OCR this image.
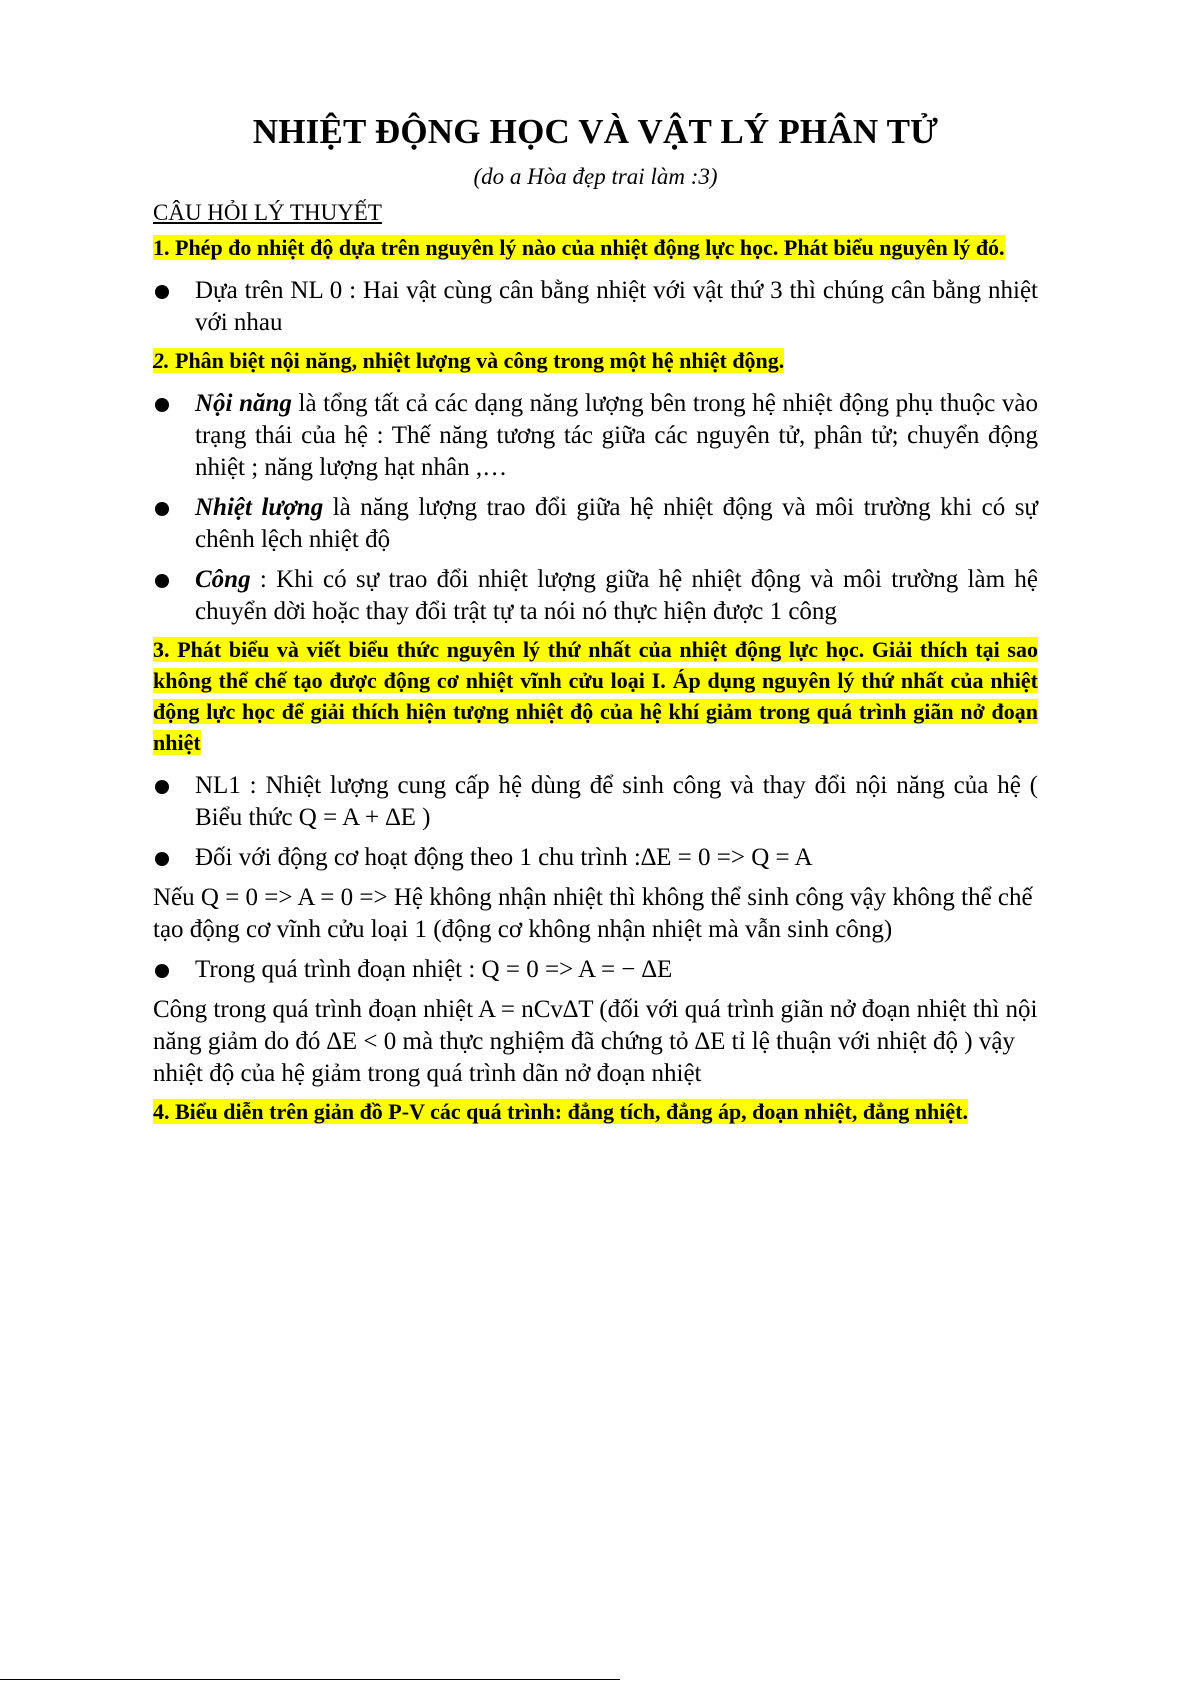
NHIỆT ĐỘNG HỌC VÀ VẬT LÝ PHÂN TỬ
(do a Hòa đẹp trai làm :3)
CÂU HỎI LÝ THUYẾT
1. Phép đo nhiệt độ dựa trên nguyên lý nào của nhiệt động lực học. Phát biểu nguyên lý đó.
Dựa trên NL 0 : Hai vật cùng cân bằng nhiệt với vật thứ 3 thì chúng cân bằng nhiệt với nhau
2. Phân biệt nội năng, nhiệt lượng và công trong một hệ nhiệt động.
Nội năng là tổng tất cả các dạng năng lượng bên trong hệ nhiệt động phụ thuộc vào trạng thái của hệ : Thế năng tương tác giữa các nguyên tử, phân tử; chuyển động nhiệt ; năng lượng hạt nhân ,…
Nhiệt lượng là năng lượng trao đổi giữa hệ nhiệt động và môi trường khi có sự chênh lệch nhiệt độ
Công : Khi có sự trao đổi nhiệt lượng giữa hệ nhiệt động và môi trường làm hệ chuyển dời hoặc thay đổi trật tự ta nói nó thực hiện được 1 công
3. Phát biểu và viết biểu thức nguyên lý thứ nhất của nhiệt động lực học. Giải thích tại sao không thể chế tạo được động cơ nhiệt vĩnh cửu loại I. Áp dụng nguyên lý thứ nhất của nhiệt động lực học để giải thích hiện tượng nhiệt độ của hệ khí giảm trong quá trình giãn nở đoạn nhiệt
NL1 : Nhiệt lượng cung cấp hệ dùng để sinh công và thay đổi nội năng của hệ ( Biểu thức Q = A + ∆E )
Đối với động cơ hoạt động theo 1 chu trình :∆E = 0 => Q = A
Nếu Q = 0 => A = 0 => Hệ không nhận nhiệt thì không thể sinh công vậy không thể chế tạo động cơ vĩnh cửu loại 1 (động cơ không nhận nhiệt mà vẫn sinh công)
Trong quá trình đoạn nhiệt : Q = 0 => A = − ∆E
Công trong quá trình đoạn nhiệt A = nCv∆T (đối với quá trình giãn nở đoạn nhiệt thì nội năng giảm do đó ∆E < 0 mà thực nghiệm đã chứng tỏ ∆E tỉ lệ thuận với nhiệt độ ) vậy nhiệt độ của hệ giảm trong quá trình dãn nở đoạn nhiệt
4. Biểu diễn trên giản đồ P-V các quá trình: đẳng tích, đẳng áp, đoạn nhiệt, đẳng nhiệt.
